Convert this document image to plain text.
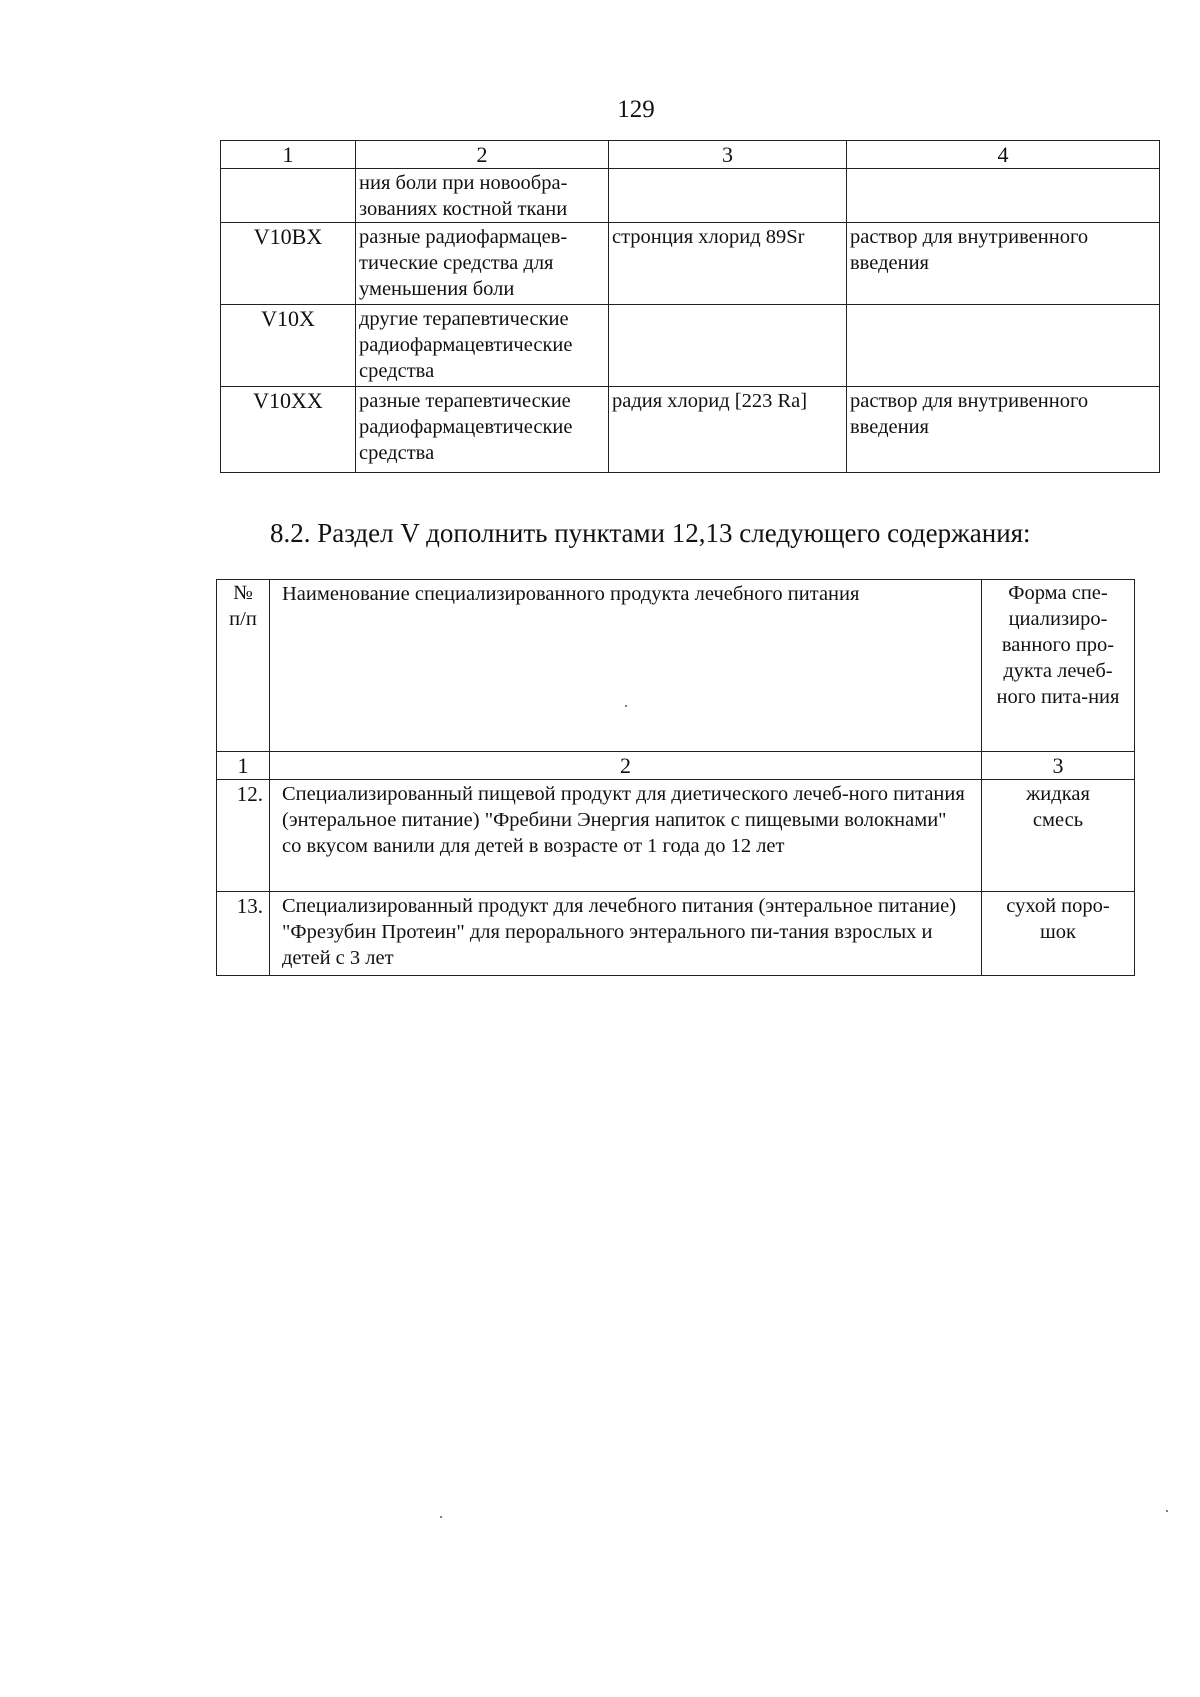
129
1	2	3	4
	ния боли при новообра-зованиях костной ткани		
V10BX	разные радиофармацев-тические средства для уменьшения боли	стронция хлорид 89Sr	раствор для внутривенного введения
V10X	другие терапевтические радиофармацевтические средства		
V10XX	разные терапевтические радиофармацевтические средства	радия хлорид [223 Ra]	раствор для внутривенного введения
8.2. Раздел V дополнить пунктами 12,13 следующего содержания:
№ п/п	Наименование специализированного продукта лечебного питания	Форма спе-циализиро-ванного про-дукта лечеб-ного пита-ния
1	2	3
12.	Специализированный пищевой продукт для диетического лечеб-ного питания (энтеральное питание) "Фребини Энергия напиток с пищевыми волокнами" со вкусом ванили для детей в возрасте от 1 года до 12 лет	жидкая смесь
13.	Специализированный продукт для лечебного питания (энтеральное питание) "Фрезубин Протеин" для перорального энтерального пи-тания взрослых и детей с 3 лет	сухой поро-шок
